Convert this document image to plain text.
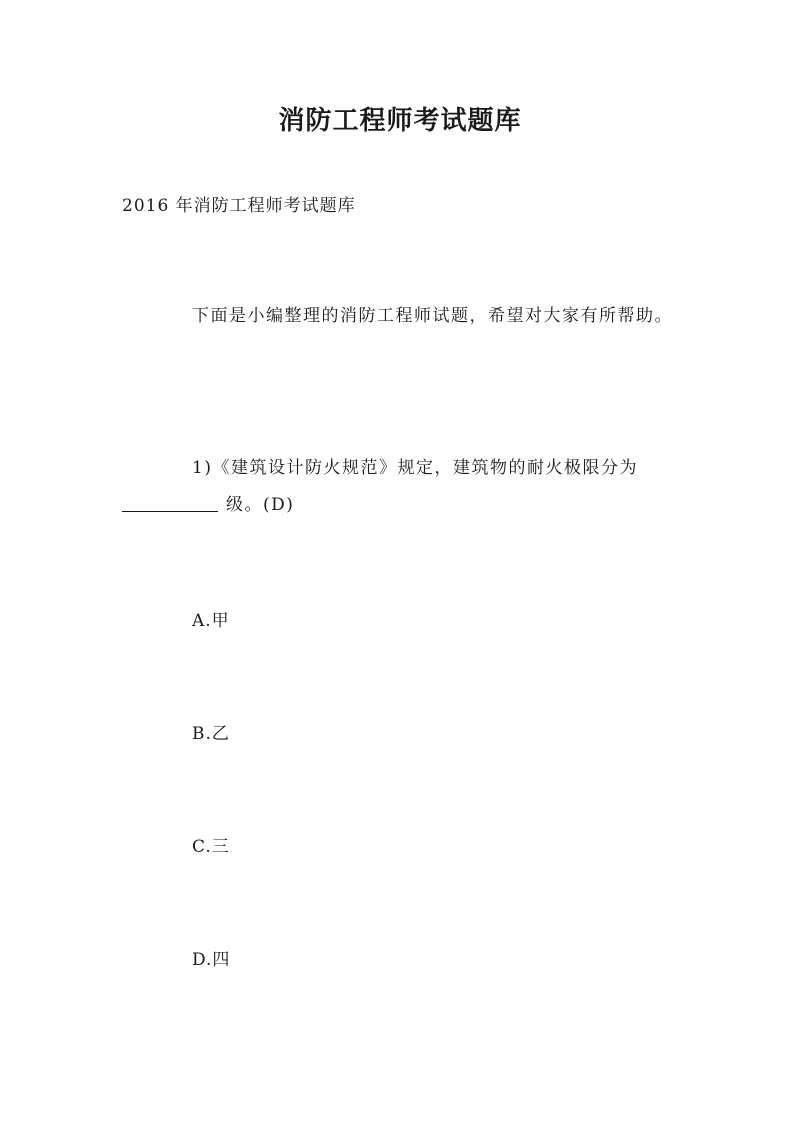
消防工程师考试题库
2016 年消防工程师考试题库
下面是小编整理的消防工程师试题，希望对大家有所帮助。
1)《建筑设计防火规范》规定，建筑物的耐火极限分为级。(D)
A.甲
B.乙
C.三
D.四
